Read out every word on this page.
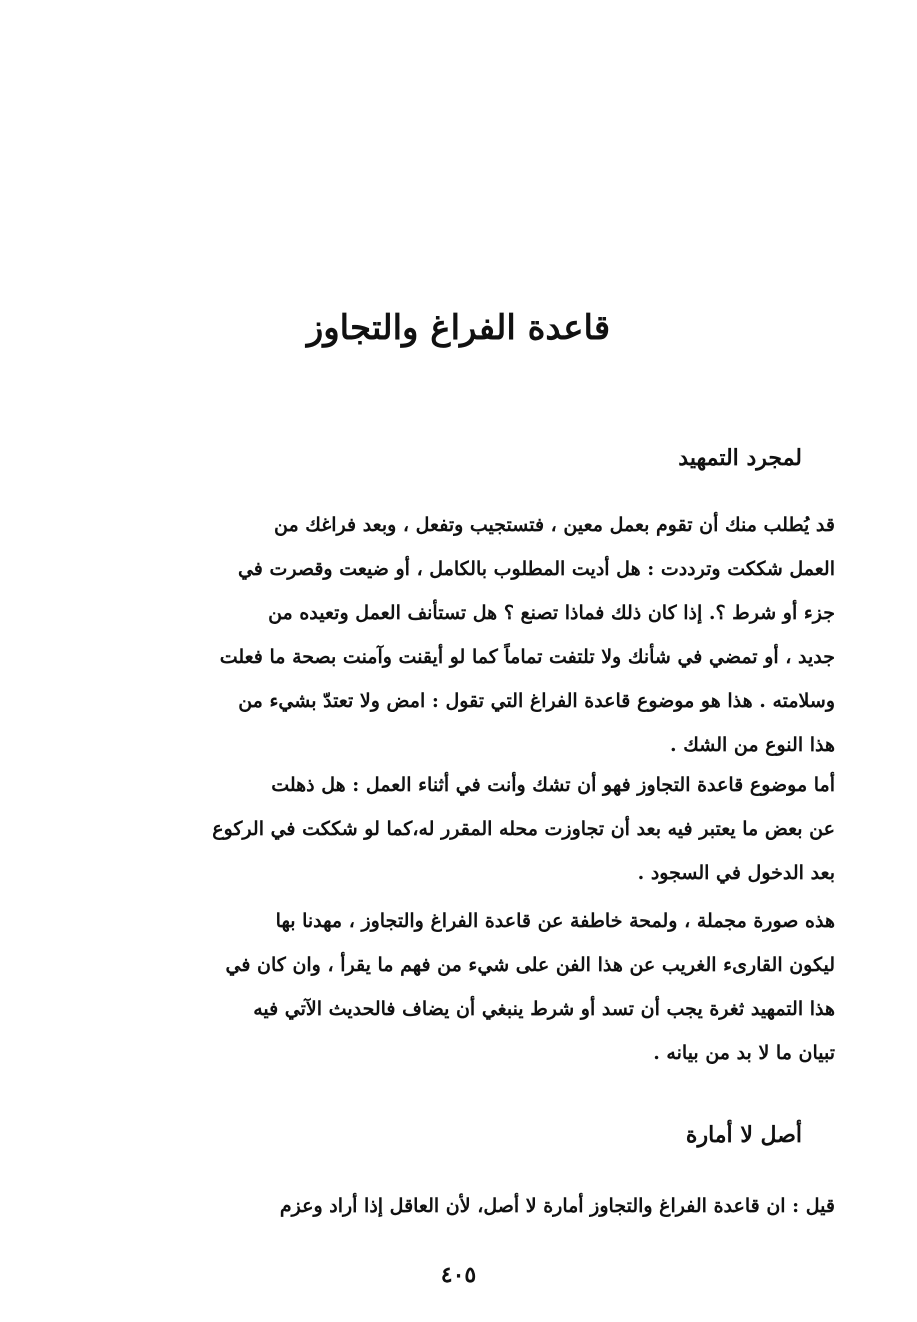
قاعدة الفراغ والتجاوز
لمجرد التمهيد

قد يُطلب منك أن تقوم بعمل معين ، فتستجيب وتفعل ، وبعد فراغك من
العمل شككت وترددت : هل أديت المطلوب بالكامل ، أو ضيعت وقصرت في
جزء أو شرط ؟. إذا كان ذلك فماذا تصنع ؟ هل تستأنف العمل وتعيده من
جديد ، أو تمضي في شأنك ولا تلتفت تماماً كما لو أيقنت وآمنت بصحة ما فعلت
وسلامته . هذا هو موضوع قاعدة الفراغ التي تقول : امض ولا تعتدّ بشيء من
هذا النوع من الشك .

أما موضوع قاعدة التجاوز فهو أن تشك وأنت في أثناء العمل : هل ذهلت
عن بعض ما يعتبر فيه بعد أن تجاوزت محله المقرر له،كما لو شككت في الركوع
بعد الدخول في السجود .

هذه صورة مجملة ، ولمحة خاطفة عن قاعدة الفراغ والتجاوز ، مهدنا بها
ليكون القارىء الغريب عن هذا الفن على شيء من فهم ما يقرأ ، وان كان في
هذا التمهيد ثغرة يجب أن تسد أو شرط ينبغي أن يضاف فالحديث الآتي فيه
تبيان ما لا بد من بيانه .

أصل لا أمارة

قيل : ان قاعدة الفراغ والتجاوز أمارة لا أصل، لأن العاقل إذا أراد وعزم

٤٠٥
